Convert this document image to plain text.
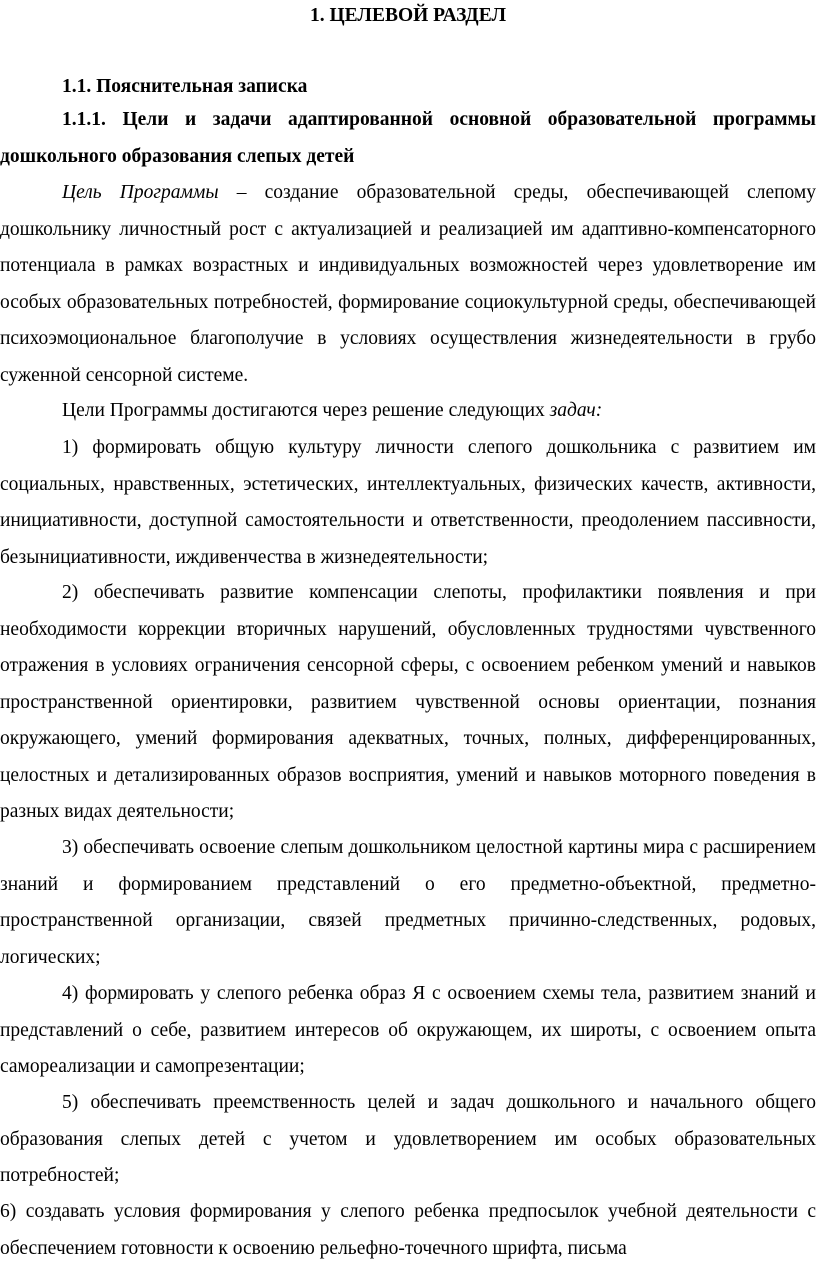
1. ЦЕЛЕВОЙ РАЗДЕЛ

1.1. Пояснительная записка

1.1.1. Цели и задачи адаптированной основной образовательной программы дошкольного образования слепых детей

Цель Программы – создание образовательной среды, обеспечивающей слепому дошкольнику личностный рост с актуализацией и реализацией им адаптивно-компенсаторного потенциала в рамках возрастных и индивидуальных возможностей через удовлетворение им особых образовательных потребностей, формирование социокультурной среды, обеспечивающей психоэмоциональное благополучие в условиях осуществления жизнедеятельности в грубо суженной сенсорной системе.

Цели Программы достигаются через решение следующих задач:

1) формировать общую культуру личности слепого дошкольника с развитием им социальных, нравственных, эстетических, интеллектуальных, физических качеств, активности, инициативности, доступной самостоятельности и ответственности, преодолением пассивности, безынициативности, иждивенчества в жизнедеятельности;

2) обеспечивать развитие компенсации слепоты, профилактики появления и при необходимости коррекции вторичных нарушений, обусловленных трудностями чувственного отражения в условиях ограничения сенсорной сферы, с освоением ребенком умений и навыков пространственной ориентировки, развитием чувственной основы ориентации, познания окружающего, умений формирования адекватных, точных, полных, дифференцированных, целостных и детализированных образов восприятия, умений и навыков моторного поведения в разных видах деятельности;

3) обеспечивать освоение слепым дошкольником целостной картины мира с расширением знаний и формированием представлений о его предметно-объектной, предметно-пространственной организации, связей предметных причинно-следственных, родовых, логических;

4) формировать у слепого ребенка образ Я с освоением схемы тела, развитием знаний и представлений о себе, развитием интересов об окружающем, их широты, с освоением опыта самореализации и самопрезентации;

5) обеспечивать преемственность целей и задач дошкольного и начального общего образования слепых детей с учетом и удовлетворением им особых образовательных потребностей;

6) создавать условия формирования у слепого ребенка предпосылок учебной деятельности с обеспечением готовности к освоению рельефно-точечного шрифта, письма
